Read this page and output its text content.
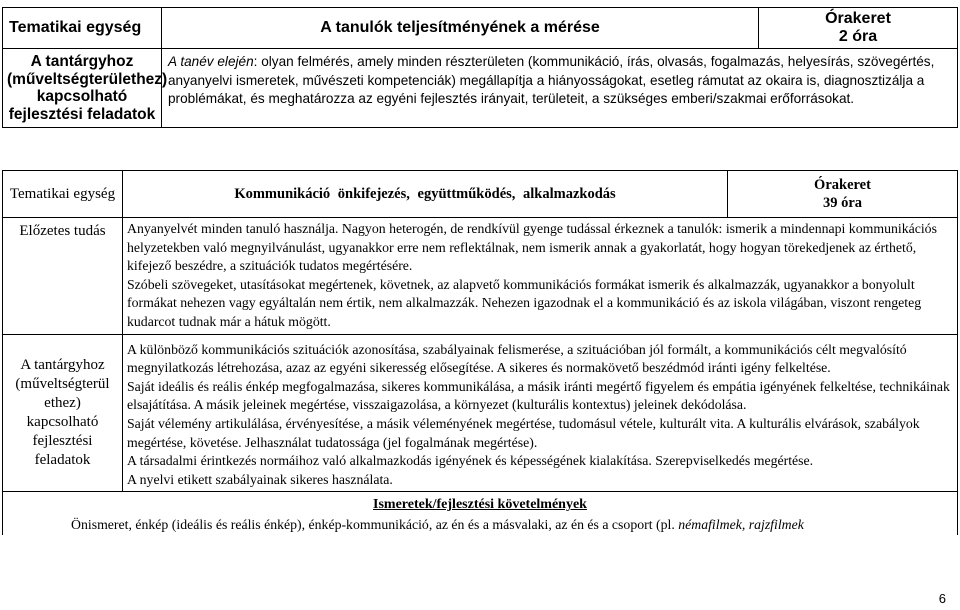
Tematikai egység	A tanulók teljesítményének a mérése	Órakeret
2 óra

A tantárgyhoz (műveltségterülethez) kapcsolható fejlesztési feladatok	A tanév elején: olyan felmérés, amely minden részterületen (kommunikáció, írás, olvasás, fogalmazás, helyesírás, szövegértés, anyanyelvi ismeretek, művészeti kompetenciák) megállapítja a hiányosságokat, esetleg rámutat az okaira is, diagnosztizálja a problémákat, és meghatározza az egyéni fejlesztés irányait, területeit, a szükséges emberi/szakmai erőforrásokat.	
Tematikai egység	Kommunikáció önkifejezés, együttműködés, alkalmazkodás	Órakeret
39 óra

Előzetes tudás	Anyanyelvét minden tanuló használja. Nagyon heterogén, de rendkívül gyenge tudással érkeznek a tanulók: ismerik a mindennapi kommunikációs helyzetekben való megnyilvánulást, ugyanakkor erre nem reflektálnak, nem ismerik annak a gyakorlatát, hogy hogyan törekedjenek az érthető, kifejező beszédre, a szituációk tudatos megértésére.

Szóbeli szövegeket, utasításokat megértenek, követnek, az alapvető kommunikációs formákat ismerik és alkalmazzák, ugyanakkor a bonyolult formákat nehezen vagy egyáltalán nem értik, nem alkalmazzák. Nehezen igazodnak el a kommunikáció és az iskola világában, viszont rengeteg kudarcot tudnak már a hátuk mögött.	

A tantárgyhoz (műveltségterül ethez) kapcsolható fejlesztési feladatok	A különböző kommunikációs szituációk azonosítása, szabályainak felismerése, a szituációban jól formált, a kommunikációs célt megvalósító megnyilatkozás létrehozása, azaz az egyéni sikeresség elősegítése. A sikeres és normakövető beszédmód iránti igény felkeltése.

Saját ideális és reális énkép megfogalmazása, sikeres kommunikálása, a másik iránti megértő figyelem és empátia igényének felkeltése, technikáinak elsajátítása. A másik jeleinek megértése, visszaigazolása, a környezet (kulturális kontextus) jeleinek dekódolása.

Saját vélemény artikulálása, érvényesítése, a másik véleményének megértése, tudomásul vétele, kulturált vita. A kulturális elvárások, szabályok megértése, követése. Jelhasználat tudatossága (jel fogalmának megértése).

A társadalmi érintkezés normáihoz való alkalmazkodás igényének és képességének kialakítása. Szerepviselkedés megértése.

A nyelvi etikett szabályainak sikeres használata.	

Ismeretek/fejlesztési követelmények		
Önismeret, énkép (ideális és reális énkép), énkép-kommunikáció, az én és a másvalaki, az én és a csoport (pl. némafilmek, rajzfilmek		
6
